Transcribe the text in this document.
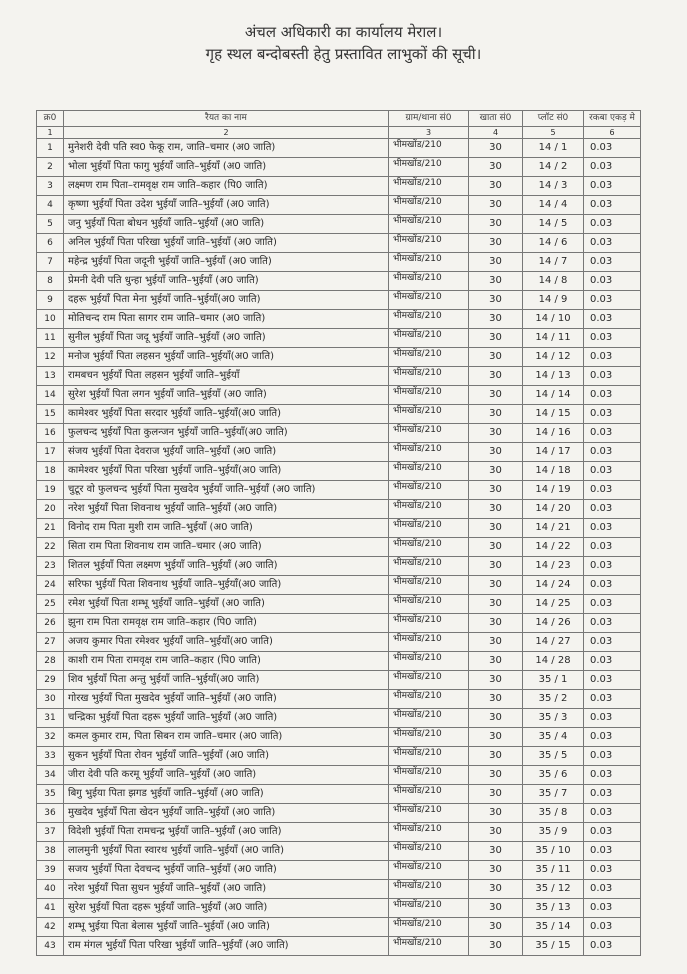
अंचल अधिकारी का कार्यालय मेराल।
गृह स्थल बन्दोबस्ती हेतु प्रस्तावित लाभुकों की सूची।
क्र0	रैयत का नाम	ग्राम/थाना सं0	खाता सं0	प्लॉट सं0	रकबा एकड़ मे
1	2	3	4	5	6
1	मुनेशरी देवी पति स्व0 फेकू राम, जाति–चमार (अ0 जाति)	भीमखोंड/210	30	14 / 1	0.03
2	भोला भुईयाँ पिता फागु भुईयाँ जाति–भुईयाँ (अ0 जाति)	भीमखोंड/210	30	14 / 2	0.03
3	लक्ष्मण राम पिता–रामवृक्ष राम जाति–कहार (पि0 जाति)	भीमखोंड/210	30	14 / 3	0.03
4	कृष्णा भुईयाँ पिता उदेश भुईयाँ जाति–भुईयाँ (अ0 जाति)	भीमखोंड/210	30	14 / 4	0.03
5	जनु भुईयाँ पिता बोधन भुईयाँ जाति–भुईयाँ (अ0 जाति)	भीमखोंड/210	30	14 / 5	0.03
6	अनिल भुईयाँ पिता परिखा भुईयाँ जाति–भुईयाँ (अ0 जाति)	भीमखोंड/210	30	14 / 6	0.03
7	महेन्द्र भुईयाँ पिता जदूनी भुईयाँ जाति–भुईयाँ (अ0 जाति)	भीमखोंड/210	30	14 / 7	0.03
8	प्रेमनी देवी पति धुन्हा भुईयाँ जाति–भुईयाँ (अ0 जाति)	भीमखोंड/210	30	14 / 8	0.03
9	दहरू भुईयाँ पिता मेना भुईयाँ जाति–भुईयाँ(अ0 जाति)	भीमखोंड/210	30	14 / 9	0.03
10	मोतिचन्द राम पिता सागर राम जाति–चमार (अ0 जाति)	भीमखोंड/210	30	14 / 10	0.03
11	सुनील भुईयाँ पिता जदू भुईयाँ जाति–भुईयाँ (अ0 जाति)	भीमखोंड/210	30	14 / 11	0.03
12	मनोज भुईयाँ पिता लहसन भुईयाँ जाति–भुईयाँ(अ0 जाति)	भीमखोंड/210	30	14 / 12	0.03
13	रामबचन भुईयाँ पिता लहसन भुईयाँ जाति–भुईयाँ	भीमखोंड/210	30	14 / 13	0.03
14	सुरेश भुईयाँ पिता लगन भुईयाँ जाति–भुईयाँ (अ0 जाति)	भीमखोंड/210	30	14 / 14	0.03
15	कामेश्वर भुईयाँ पिता सरदार भुईयाँ जाति–भुईयाँ(अ0 जाति)	भीमखोंड/210	30	14 / 15	0.03
16	फुलचन्द भुईयाँ पिता कुलन्जन भुईयाँ जाति–भुईयाँ(अ0 जाति)	भीमखोंड/210	30	14 / 16	0.03
17	संजय भुईयाँ पिता देवराज भुईयाँ जाति–भुईयाँ (अ0 जाति)	भीमखोंड/210	30	14 / 17	0.03
18	कामेश्वर भुईयाँ पिता परिखा भुईयाँ जाति–भुईयाँ(अ0 जाति)	भीमखोंड/210	30	14 / 18	0.03
19	चुटूर वो फुलचन्द भुईयाँ पिता मुखदेव भुईयाँ जाति–भुईयाँ (अ0 जाति)	भीमखोंड/210	30	14 / 19	0.03
20	नरेश भुईयाँ पिता शिवनाथ भुईयाँ जाति–भुईयाँ (अ0 जाति)	भीमखोंड/210	30	14 / 20	0.03
21	विनोद राम पिता मुशी राम जाति–भुईयाँ (अ0 जाति)	भीमखोंड/210	30	14 / 21	0.03
22	सिता राम पिता शिवनाथ राम जाति–चमार (अ0 जाति)	भीमखोंड/210	30	14 / 22	0.03
23	शितल भुईयाँ पिता लक्ष्मण भुईयाँ जाति–भुईयाँ (अ0 जाति)	भीमखोंड/210	30	14 / 23	0.03
24	सरिफा भुईयाँ पिता शिवनाथ भुईयाँ जाति–भुईयाँ(अ0 जाति)	भीमखोंड/210	30	14 / 24	0.03
25	रमेश भुईयाँ पिता शम्भू भुईयाँ जाति–भुईयाँ (अ0 जाति)	भीमखोंड/210	30	14 / 25	0.03
26	झुना राम पिता रामवृक्ष राम जाति–कहार (पि0 जाति)	भीमखोंड/210	30	14 / 26	0.03
27	अजय कुमार पिता रमेश्वर भुईयाँ जाति–भुईयाँ(अ0 जाति)	भीमखोंड/210	30	14 / 27	0.03
28	काशी राम पिता रामवृक्ष राम जाति–कहार (पि0 जाति)	भीमखोंड/210	30	14 / 28	0.03
29	शिव भुईयाँ पिता अन्तु भुईयाँ जाति–भुईयाँ(अ0 जाति)	भीमखोंड/210	30	35 / 1	0.03
30	गोरख भुईयाँ पिता मुखदेव भुईयाँ जाति–भुईयाँ (अ0 जाति)	भीमखोंड/210	30	35 / 2	0.03
31	चन्द्रिका भुईयाँ पिता दहरू भुईयाँ जाति–भुईयाँ (अ0 जाति)	भीमखोंड/210	30	35 / 3	0.03
32	कमल कुमार राम, पिता सिबन राम जाति–चमार (अ0 जाति)	भीमखोंड/210	30	35 / 4	0.03
33	सुकन भुईयाँ पिता रोवन भुईयाँ जाति–भुईयाँ (अ0 जाति)	भीमखोंड/210	30	35 / 5	0.03
34	जीरा देवी पति करमू भुईयाँ जाति–भुईयाँ (अ0 जाति)	भीमखोंड/210	30	35 / 6	0.03
35	बिगु भुईया पिता झगड भुईयाँ जाति–भुईयाँ (अ0 जाति)	भीमखोंड/210	30	35 / 7	0.03
36	मुखदेव भुईयाँ पिता खेदन भुईयाँ जाति–भुईयाँ (अ0 जाति)	भीमखोंड/210	30	35 / 8	0.03
37	विदेशी भुईयाँ पिता रामचन्द्र भुईयाँ जाति–भुईयाँ (अ0 जाति)	भीमखोंड/210	30	35 / 9	0.03
38	लालमुनी भुईयाँ पिता स्वारथ भुईयाँ जाति–भुईयाँ (अ0 जाति)	भीमखोंड/210	30	35 / 10	0.03
39	सजय भुईयाँ पिता देवचन्द भुईयाँ जाति–भुईयाँ (अ0 जाति)	भीमखोंड/210	30	35 / 11	0.03
40	नरेश भुईयाँ पिता सुधन भुईयाँ जाति–भुईयाँ (अ0 जाति)	भीमखोंड/210	30	35 / 12	0.03
41	सुरेश भुईयाँ पिता दहरू भुईयाँ जाति–भुईयाँ (अ0 जाति)	भीमखोंड/210	30	35 / 13	0.03
42	शम्भू भुईया पिता बेलास भुईयाँ जाति–भुईयाँ (अ0 जाति)	भीमखोंड/210	30	35 / 14	0.03
43	राम मंगल भुईयाँ पिता परिखा भुईयाँ जाति–भुईयाँ (अ0 जाति)	भीमखोंड/210	30	35 / 15	0.03
